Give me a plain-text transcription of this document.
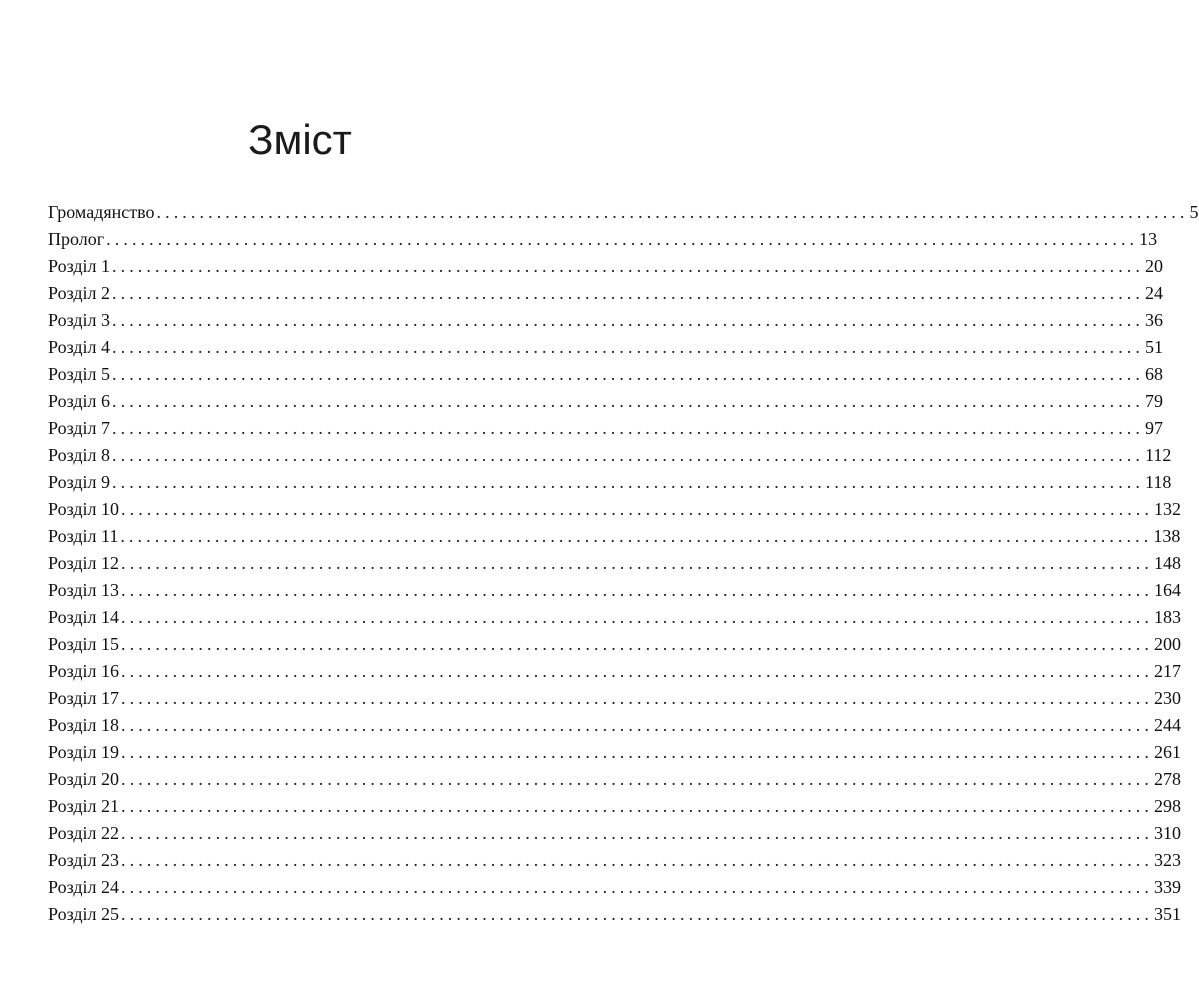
Зміст
Громадянство ........................................................................................................................ 5
Пролог ........................................................................................................................ 13
Розділ 1 ........................................................................................................................ 20
Розділ 2 ........................................................................................................................ 24
Розділ 3 ........................................................................................................................ 36
Розділ 4 ........................................................................................................................ 51
Розділ 5 ........................................................................................................................ 68
Розділ 6 ........................................................................................................................ 79
Розділ 7 ........................................................................................................................ 97
Розділ 8 ........................................................................................................................ 112
Розділ 9 ........................................................................................................................ 118
Розділ 10 ........................................................................................................................ 132
Розділ 11 ........................................................................................................................ 138
Розділ 12 ........................................................................................................................ 148
Розділ 13 ........................................................................................................................ 164
Розділ 14 ........................................................................................................................ 183
Розділ 15 ........................................................................................................................ 200
Розділ 16 ........................................................................................................................ 217
Розділ 17 ........................................................................................................................ 230
Розділ 18 ........................................................................................................................ 244
Розділ 19 ........................................................................................................................ 261
Розділ 20 ........................................................................................................................ 278
Розділ 21 ........................................................................................................................ 298
Розділ 22 ........................................................................................................................ 310
Розділ 23 ........................................................................................................................ 323
Розділ 24 ........................................................................................................................ 339
Розділ 25 ........................................................................................................................ 351
